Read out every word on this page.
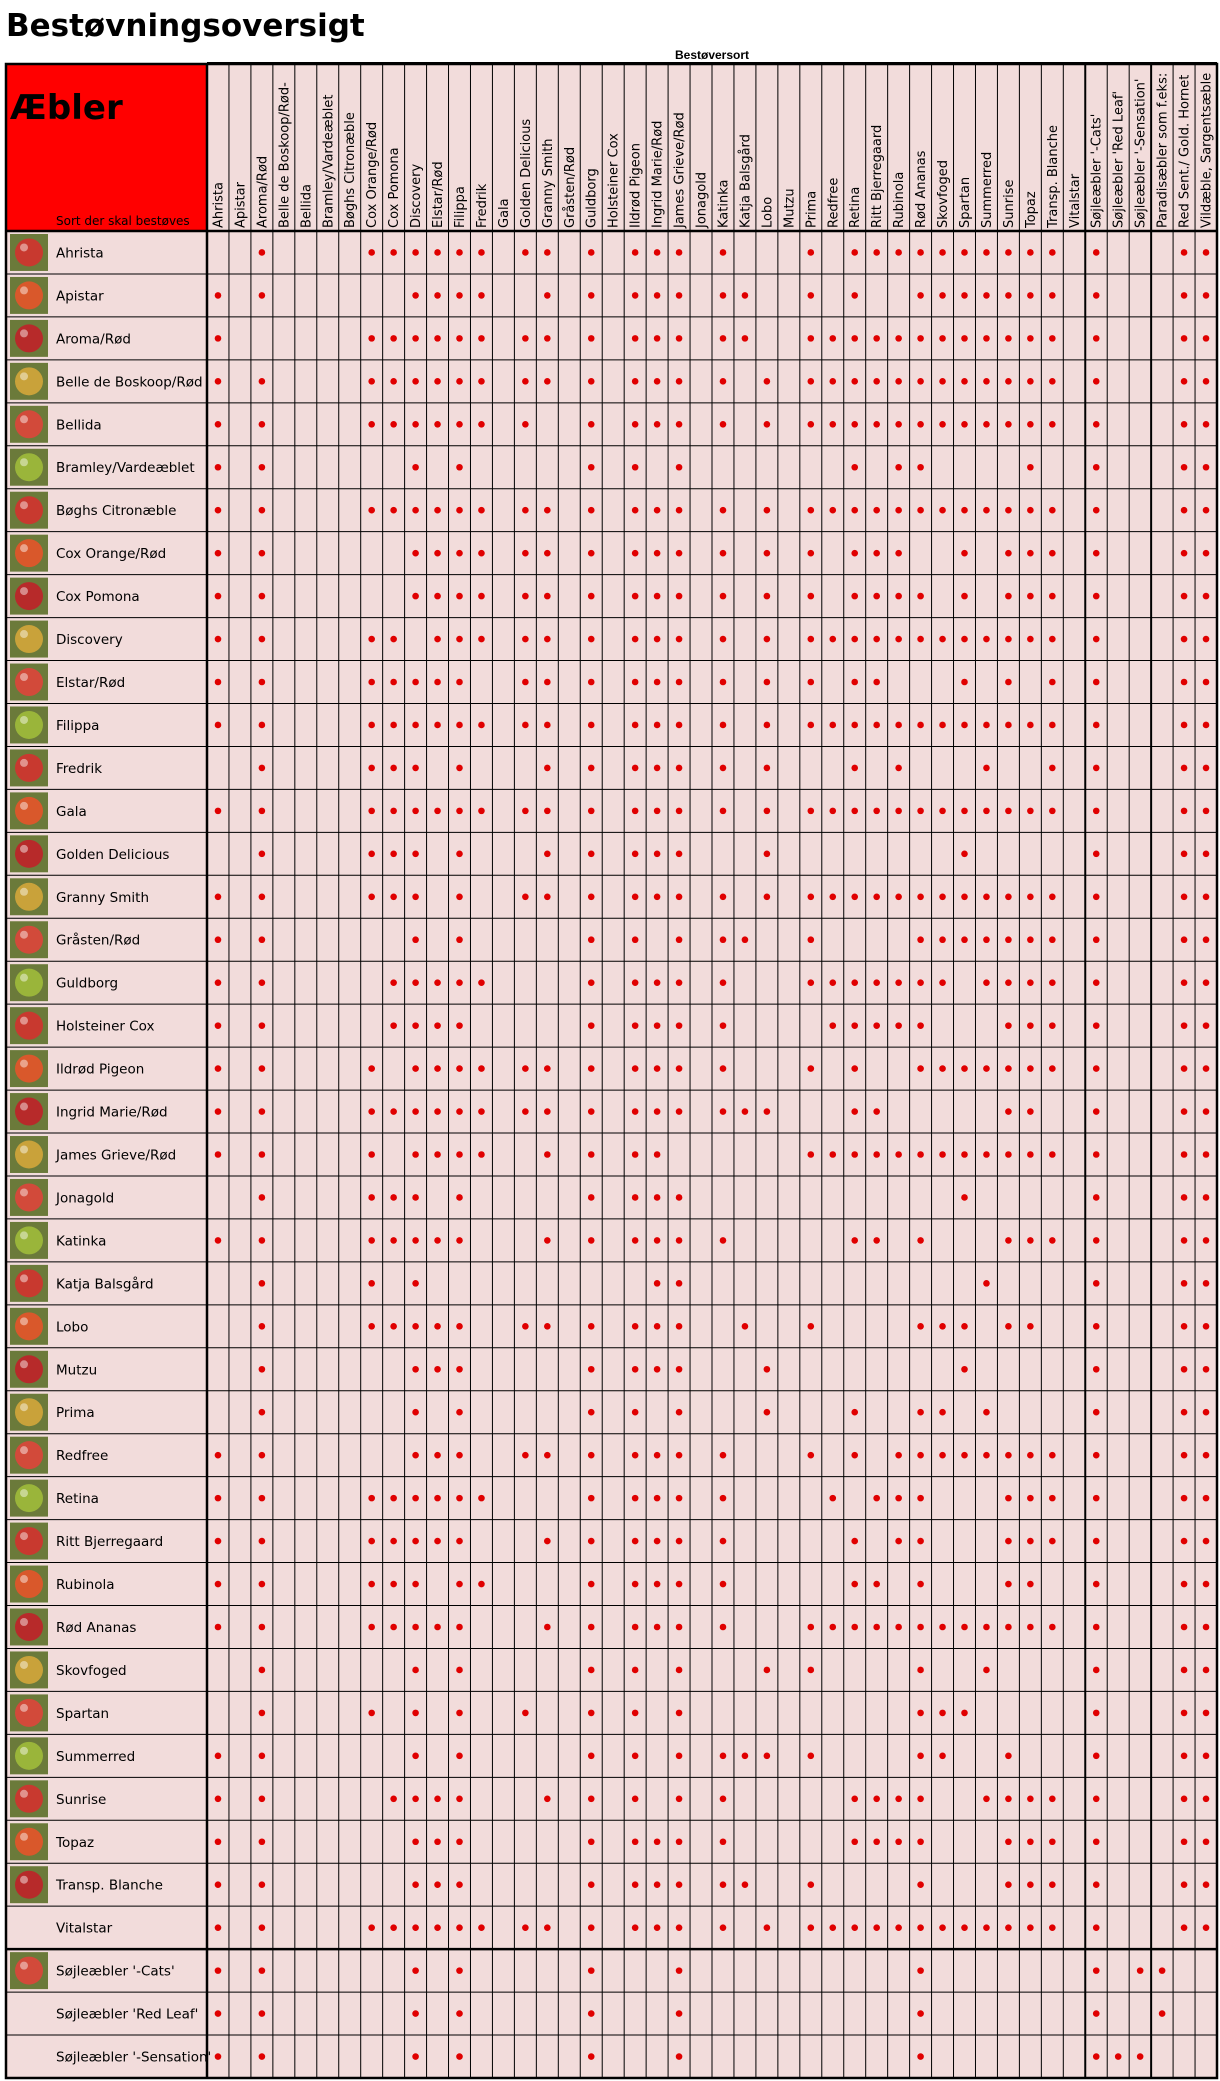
Bestøvningsoversigt
Bestøversort
Ahrista Apistar Aroma/Rød Belle de Boskoop/Rød- Bellida Bramley/Vardeæblet Bøghs Citronæble Cox Orange/Rød Cox Pomona Discovery Elstar/Rød Filippa Fredrik Gala Golden Delicious Granny Smith Gråsten/Rød Guldborg Holsteiner Cox Ildrød Pigeon Ingrid Marie/Rød James Grieve/Rød Jonagold Katinka Katja Balsgård Lobo Mutzu Prima Redfree Retina Ritt Bjerregaard Rubinola Rød Ananas Skovfoged Spartan Summerred Sunrise Topaz Transp. Blanche Vitalstar Søjleæbler '-Cats' Søjleæbler 'Red Leaf' Søjleæbler '-Sensation' Paradisæbler som f.eks: Red Sent./ Gold. Hornet Vildæble, Sargentsæble
Ahrista
Apistar
Aroma/Rød
Belle de Boskoop/Rød
Bellida
Bramley/Vardeæblet
Bøghs Citronæble
Cox Orange/Rød
Cox Pomona
Discovery
Elstar/Rød
Filippa
Fredrik
Gala
Golden Delicious
Granny Smith
Gråsten/Rød
Guldborg
Holsteiner Cox
Ildrød Pigeon
Ingrid Marie/Rød
James Grieve/Rød
Jonagold
Katinka
Katja Balsgård
Lobo
Mutzu
Prima
Redfree
Retina
Ritt Bjerregaard
Rubinola
Rød Ananas
Skovfoged
Spartan
Summerred
Sunrise
Topaz
Transp. Blanche
Vitalstar
Søjleæbler '-Cats'
Søjleæbler 'Red Leaf'
Søjleæbler '-Sensation'
Æbler
Sort der skal bestøves
